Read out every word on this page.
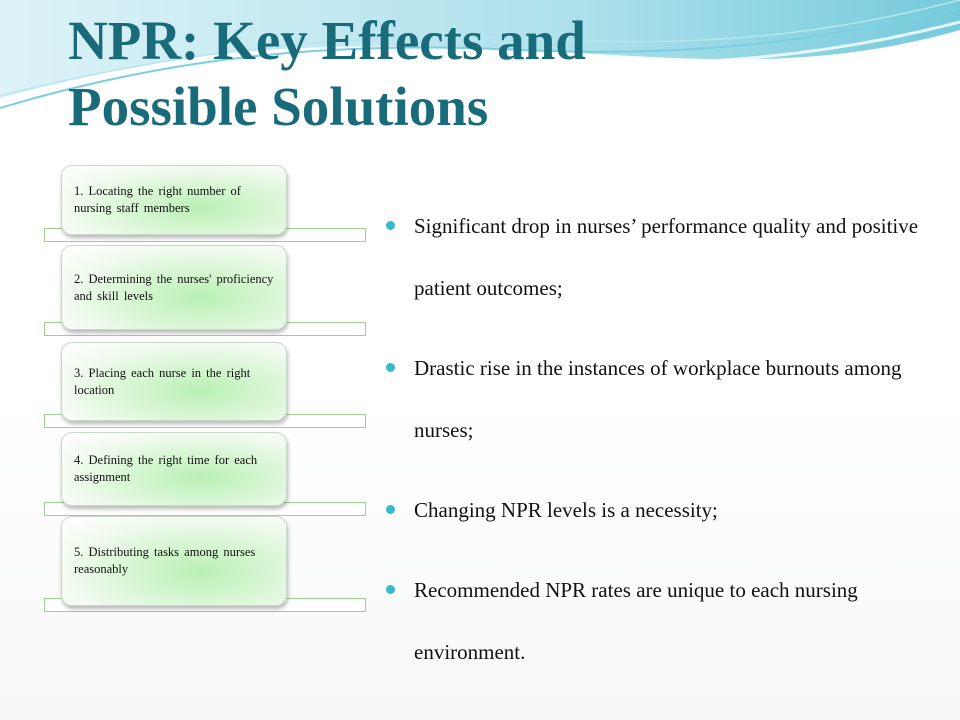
NPR: Key Effects and
Possible Solutions
1. Locating the right number of nursing staff members
2. Determining the nurses' proficiency and skill levels
3. Placing each nurse in the right location
4. Defining the right time for each assignment
5. Distributing tasks among nurses reasonably
Significant drop in nurses’ performance quality and positive patient outcomes;
Drastic rise in the instances of workplace burnouts among nurses;
Changing NPR levels is a necessity;
Recommended NPR rates are unique to each nursing environment.
